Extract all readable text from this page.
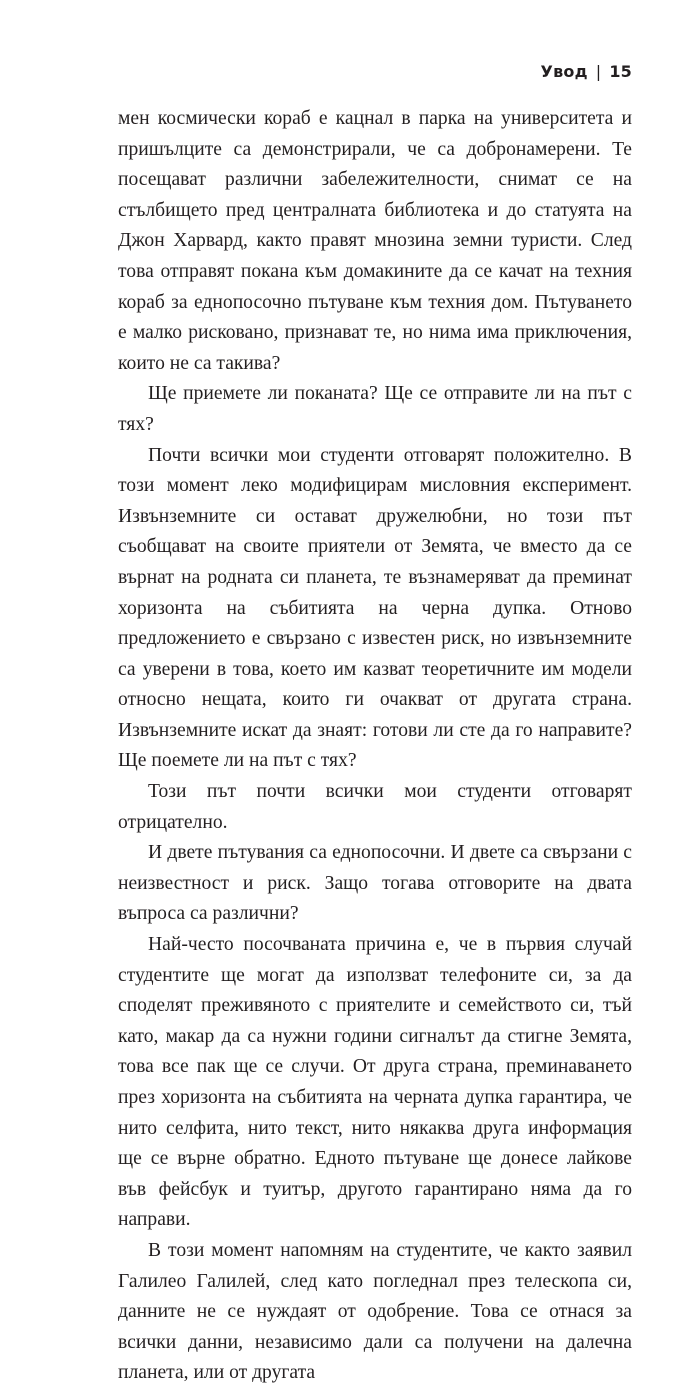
Увод | 15

мен космически кораб е кацнал в парка на университета и пришълците са демонстрирали, че са добронамерени. Те посещават различни забележителности, снимат се на стълбището пред централната библиотека и до статуята на Джон Харвард, както правят мнозина земни туристи. След това отправят покана към домакините да се качат на техния кораб за еднопосочно пътуване към техния дом. Пътуването е малко рисковано, признават те, но нима има приключения, които не са такива?

Ще приемете ли поканата? Ще се отправите ли на път с тях?

Почти всички мои студенти отговарят положително. В този момент леко модифицирам мисловния експеримент. Извънземните си остават дружелюбни, но този път съобщават на своите приятели от Земята, че вместо да се върнат на родната си планета, те възнамеряват да преминат хоризонта на събитията на черна дупка. Отново предложението е свързано с известен риск, но извънземните са уверени в това, което им казват теоретичните им модели относно нещата, които ги очакват от другата страна. Извънземните искат да знаят: готови ли сте да го направите? Ще поемете ли на път с тях?

Този път почти всички мои студенти отговарят отрицателно.

И двете пътувания са еднопосочни. И двете са свързани с неизвестност и риск. Защо тогава отговорите на двата въпроса са различни?

Най-често посочваната причина е, че в първия случай студентите ще могат да използват телефоните си, за да споделят преживяното с приятелите и семейството си, тъй като, макар да са нужни години сигналът да стигне Земята, това все пак ще се случи. От друга страна, преминаването през хоризонта на събитията на черната дупка гарантира, че нито селфита, нито текст, нито някаква друга информация ще се върне обратно. Едното пътуване ще донесе лайкове във фейсбук и туитър, другото гарантирано няма да го направи.

В този момент напомням на студентите, че както заявил Галилео Галилей, след като погледнал през телескопа си, данните не се нуждаят от одобрение. Това се отнася за всички данни, независимо дали са получени на далечна планета, или от другата
